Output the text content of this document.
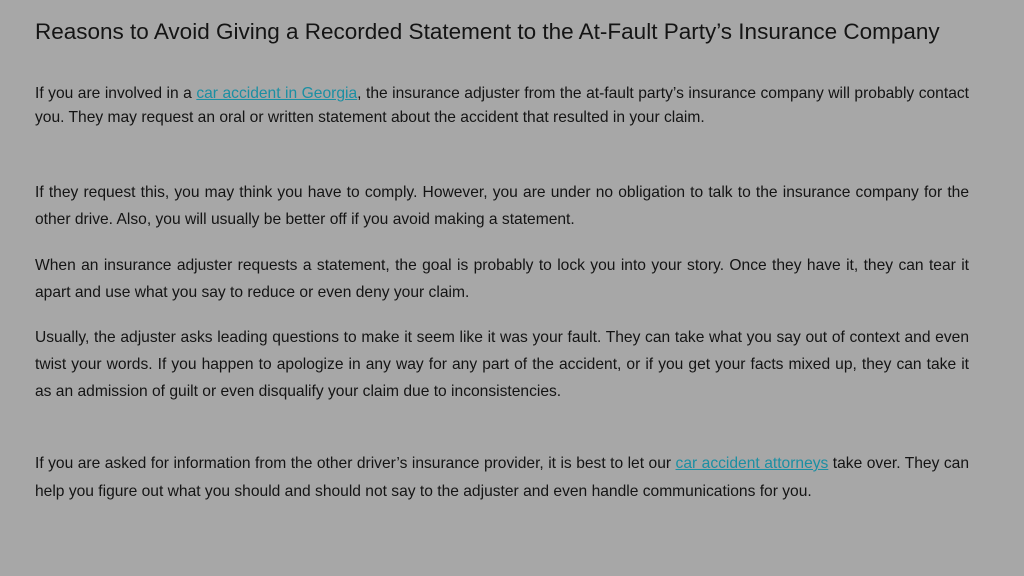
Reasons to Avoid Giving a Recorded Statement to the At-Fault Party’s Insurance Company

If you are involved in a car accident in Georgia, the insurance adjuster from the at-fault party’s insurance company will probably contact you. They may request an oral or written statement about the accident that resulted in your claim.

If they request this, you may think you have to comply. However, you are under no obligation to talk to the insurance company for the other drive. Also, you will usually be better off if you avoid making a statement.

When an insurance adjuster requests a statement, the goal is probably to lock you into your story. Once they have it, they can tear it apart and use what you say to reduce or even deny your claim.

Usually, the adjuster asks leading questions to make it seem like it was your fault. They can take what you say out of context and even twist your words. If you happen to apologize in any way for any part of the accident, or if you get your facts mixed up, they can take it as an admission of guilt or even disqualify your claim due to inconsistencies.

If you are asked for information from the other driver’s insurance provider, it is best to let our car accident attorneys take over. They can help you figure out what you should and should not say to the adjuster and even handle communications for you.
